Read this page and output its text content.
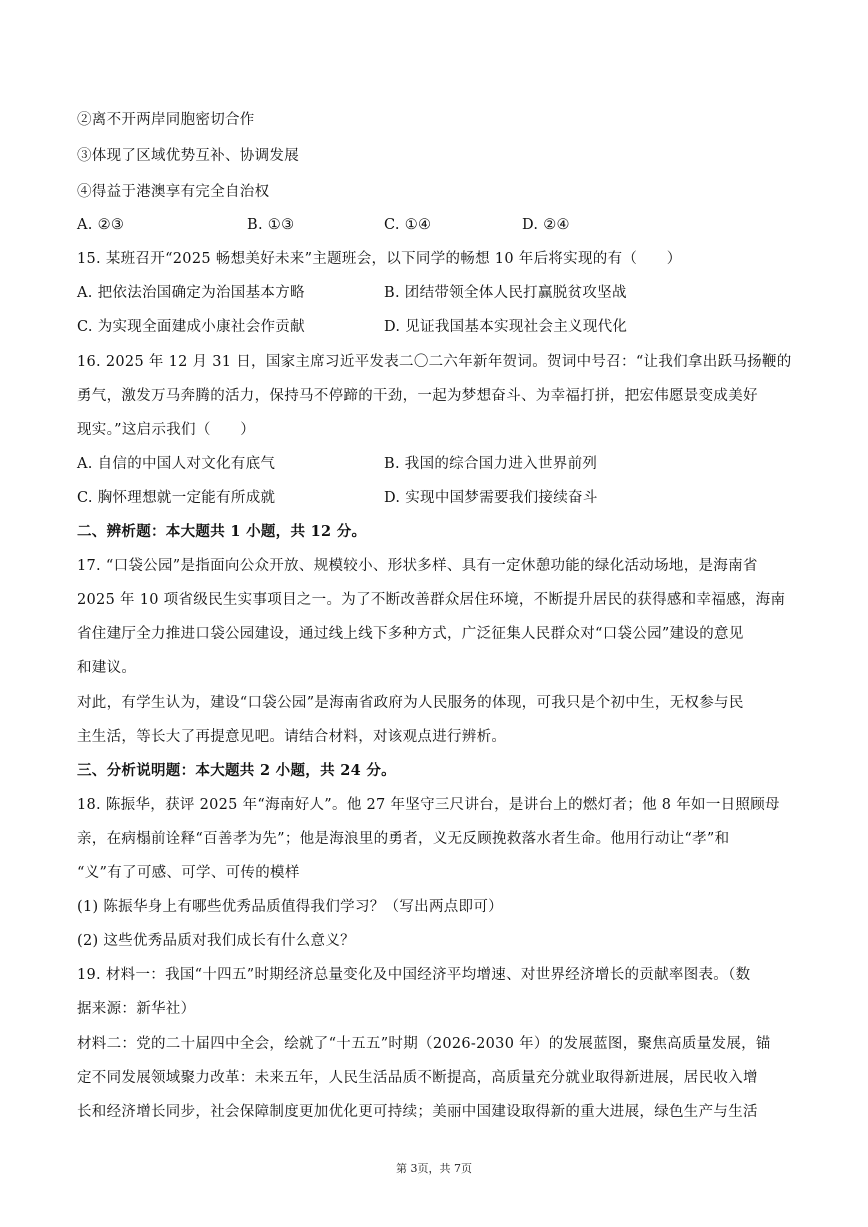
②离不开两岸同胞密切合作
③体现了区域优势互补、协调发展
④得益于港澳享有完全自治权
A. ②③	B. ①③	C. ①④	D. ②④
15. 某班召开“2025 畅想美好未来”主题班会，以下同学的畅想 10 年后将实现的有（　　）
A. 把依法治国确定为治国基本方略	B. 团结带领全体人民打赢脱贫攻坚战
C. 为实现全面建成小康社会作贡献	D. 见证我国基本实现社会主义现代化
16. 2025 年 12 月 31 日，国家主席习近平发表二〇二六年新年贺词。贺词中号召：“让我们拿出跃马扬鞭的
勇气，激发万马奔腾的活力，保持马不停蹄的干劲，一起为梦想奋斗、为幸福打拼，把宏伟愿景变成美好
现实。”这启示我们（　　）
A. 自信的中国人对文化有底气	B. 我国的综合国力进入世界前列
C. 胸怀理想就一定能有所成就	D. 实现中国梦需要我们接续奋斗
二、辨析题：本大题共 1 小题，共 12 分。
17. “口袋公园”是指面向公众开放、规模较小、形状多样、具有一定休憩功能的绿化活动场地，是海南省
2025 年 10 项省级民生实事项目之一。为了不断改善群众居住环境，不断提升居民的获得感和幸福感，海南
省住建厅全力推进口袋公园建设，通过线上线下多种方式，广泛征集人民群众对“口袋公园”建设的意见
和建议。
对此，有学生认为，建设“口袋公园”是海南省政府为人民服务的体现，可我只是个初中生，无权参与民
主生活，等长大了再提意见吧。请结合材料，对该观点进行辨析。
三、分析说明题：本大题共 2 小题，共 24 分。
18. 陈振华，获评 2025 年“海南好人”。他 27 年坚守三尺讲台，是讲台上的燃灯者；他 8 年如一日照顾母
亲，在病榻前诠释“百善孝为先”；他是海浪里的勇者，义无反顾挽救落水者生命。他用行动让“孝”和
“义”有了可感、可学、可传的模样
(1) 陈振华身上有哪些优秀品质值得我们学习？（写出两点即可）
(2) 这些优秀品质对我们成长有什么意义？
19. 材料一：我国“十四五”时期经济总量变化及中国经济平均增速、对世界经济增长的贡献率图表。（数
据来源：新华社）
材料二：党的二十届四中全会，绘就了“十五五”时期（2026-2030 年）的发展蓝图，聚焦高质量发展，锚
定不同发展领域聚力改革：未来五年，人民生活品质不断提高，高质量充分就业取得新进展，居民收入增
长和经济增长同步，社会保障制度更加优化更可持续；美丽中国建设取得新的重大进展，绿色生产与生活
第 3页，共 7页
